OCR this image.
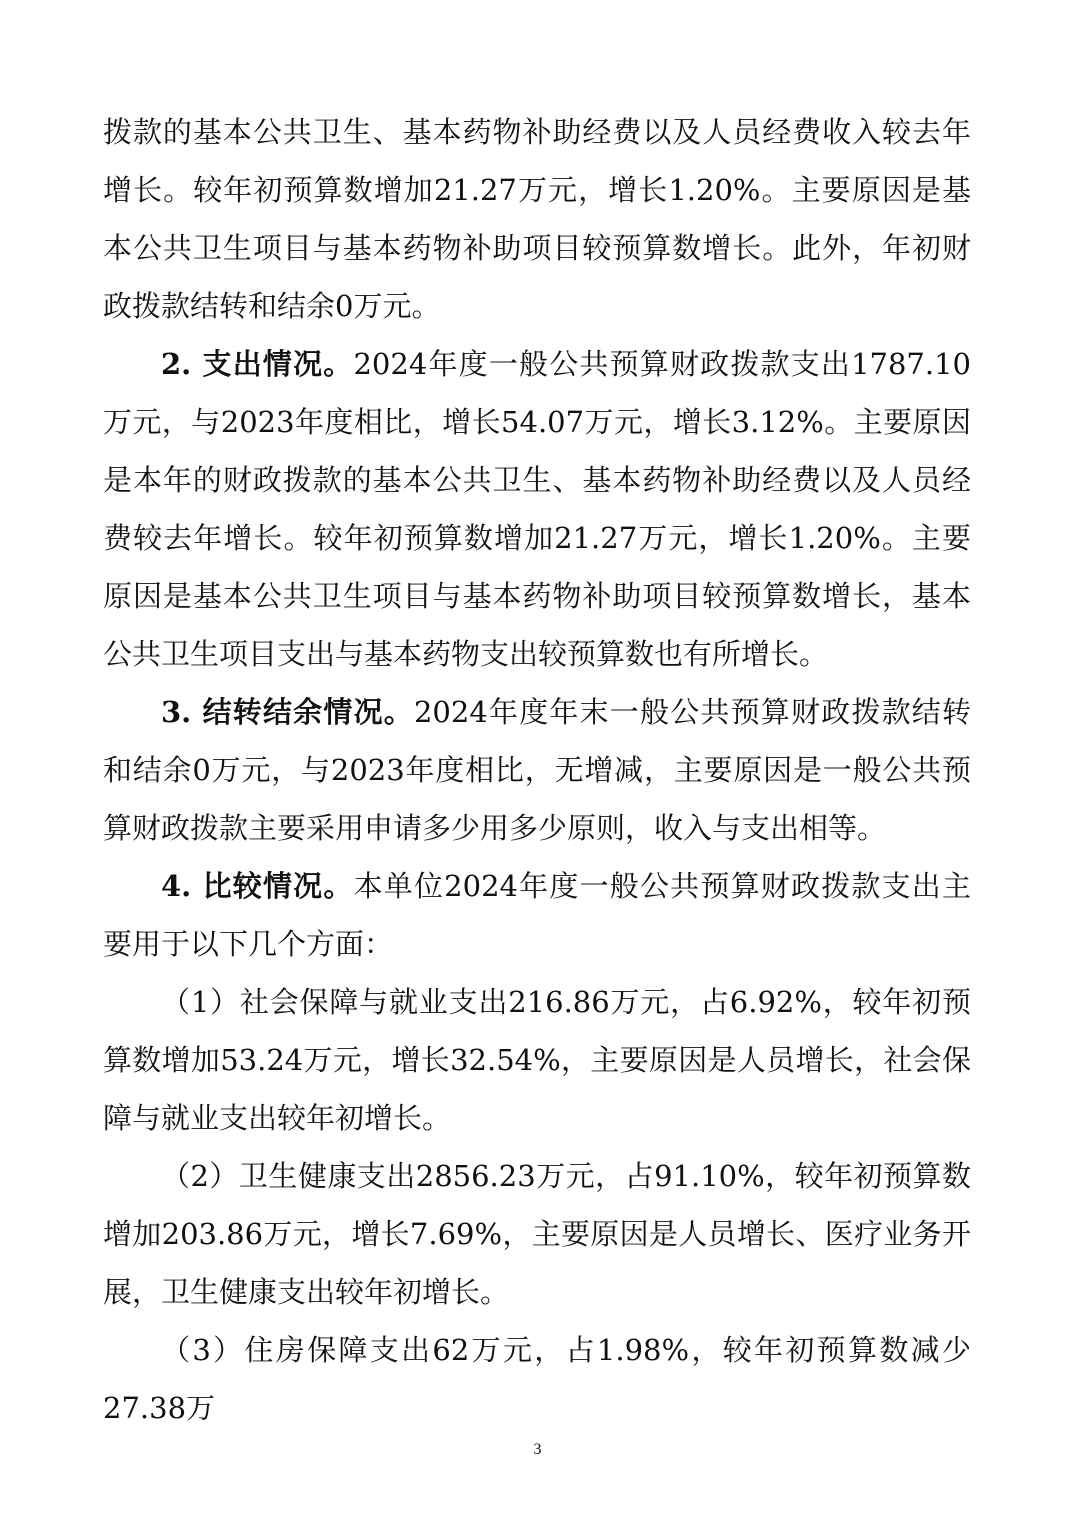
拨款的基本公共卫生、基本药物补助经费以及人员经费收入较去年增长。较年初预算数增加21.27万元，增长1.20%。主要原因是基本公共卫生项目与基本药物补助项目较预算数增长。此外，年初财政拨款结转和结余0万元。

2. 支出情况。2024年度一般公共预算财政拨款支出1787.10万元，与2023年度相比，增长54.07万元，增长3.12%。主要原因是本年的财政拨款的基本公共卫生、基本药物补助经费以及人员经费较去年增长。较年初预算数增加21.27万元，增长1.20%。主要原因是基本公共卫生项目与基本药物补助项目较预算数增长，基本公共卫生项目支出与基本药物支出较预算数也有所增长。

3. 结转结余情况。2024年度年末一般公共预算财政拨款结转和结余0万元，与2023年度相比，无增减，主要原因是一般公共预算财政拨款主要采用申请多少用多少原则，收入与支出相等。

4. 比较情况。本单位2024年度一般公共预算财政拨款支出主要用于以下几个方面：

（1）社会保障与就业支出216.86万元，占6.92%，较年初预算数增加53.24万元，增长32.54%，主要原因是人员增长，社会保障与就业支出较年初增长。

（2）卫生健康支出2856.23万元，占91.10%，较年初预算数增加203.86万元，增长7.69%，主要原因是人员增长、医疗业务开展，卫生健康支出较年初增长。

（3）住房保障支出62万元，占1.98%，较年初预算数减少27.38万

3
